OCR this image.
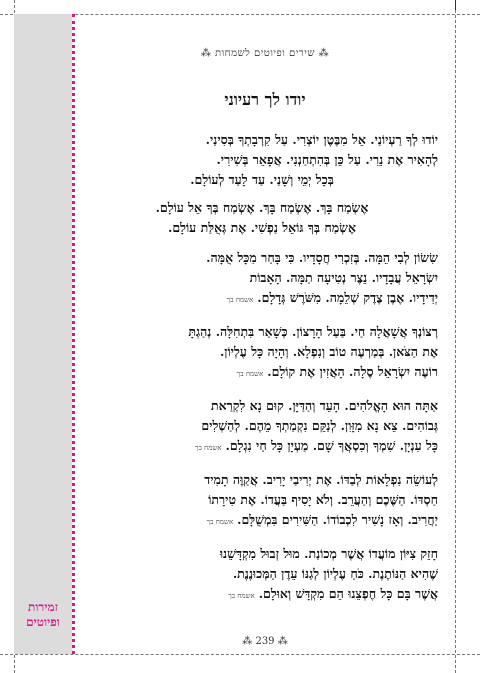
זמירות
ופיוטים
⁂ שירים ופיוטים לשמחות ⁂
יודו לך רעיוני
יוֹדוּ לְךָ רַעְיוֹנַי. אֵל מִבֶּטֶן יוֹצְרִי. עַל קִרְבָתְךָ בְּסִינַי.
לְהָאִיר אֶת נֵרִי. עַל כֵּן בְּהִתְחַנְנִי. אֲפָאֵר בְּשִׁירִי.
בְּכָל יְמֵי וְשָׁנַי. עַד לָעַד לְעוֹלָם.
אֶשְׂמַח בָּךְ. אֶשְׂמַח בָּךְ. אֶשְׂמַח בְּךָ אֵל עוֹלָם.
אֶשְׂמַח בְּךָ גּוֹאֵל נַפְשִׁי. אֶת גְּאֻלַּת עוֹלָם.
שִׂשׂוֹן לְבִי הֵמָּה. בְּזִכְרִי חֲסָדָיו. כִּי בָּחַר מִכָּל אֻמָּה.
יִשְׂרָאֵל עֲבָדָיו. נֵצֶר נְטִיעָה תַמָּה. הָאָבוֹת
יְדִידָיו. אֶבֶן צֶדֶק שְׁלֵמָה. מִשֹּׁרֶשׁ גְּדָלָם.אשמח בך
רְצוֹנְךָ אֲשָׁאֲלָה חַי. בַּעַל הָרָצוֹן. כְּשָׁאַר בִּתְחִלָּה. נְהַגְתָּ
אֶת הַצֹּאן. בְּמַרְעֶה טוֹב וְנִפְלָא. וְהָיָה כָּל עֶלְיוֹן.
רוֹעֶה יִשְׂרָאֵל סֶלָה. הָאֲזִין אֶת קוֹלָם.אשמח בך
אַתָּה הוּא הָאֱלֹהִים. הָעֵד וְהַדַּיָּן. קוּם נָא לִקְרַאת
גְּבוֹהִים. צֵא נָא מִזָּוִן. לְנַקֵּם נִקְמַתְךָ מֵהֶם. לְהַשְׁלִים
כָּל עִנְיָן. שִׁמְךָ וְכִסְאֲךָ שָׁם. מַעְיָן כָּל חַי נִגְלָם.אשמח בך
לְעוֹשֵׂה נִפְלָאוֹת לְבַדּוֹ. אֶת יְרִיבַי יָרִיב. אֲקַוֶּה תָמִיד
חַסְדּוֹ. הַשֶּׁכֶם וְהַעֲרֵב. וְלֹא יָסִיף בַּעֲדוֹ. אֶת טִירָתוֹ
יַחֲרִיב. וְאָז נָשִׁיר לִכְבוֹדוֹ. הַשִּׁירִים בִּמְשֻׁלָּם.אשמח בך
חָזֵק צִיּוֹן מוֹעֲדוֹ אֲשֶׁר מְכוֹנַת. מוּל זְבוּל מִקְדָּשֵׁנוּ
שֶׁהִיא הַנּוֹתֶנֶת. כֹּחַ עֶלְיוֹן לְגַנּוֹ עֵדֶן הַמְּכוּנֶנֶת.
אֲשֶׁר בָּם כָּל חֶפְצֵנוּ הֵם מִקְדָּשׁ וְאוּלָם.אשמח בך
⁂ 239 ⁂
